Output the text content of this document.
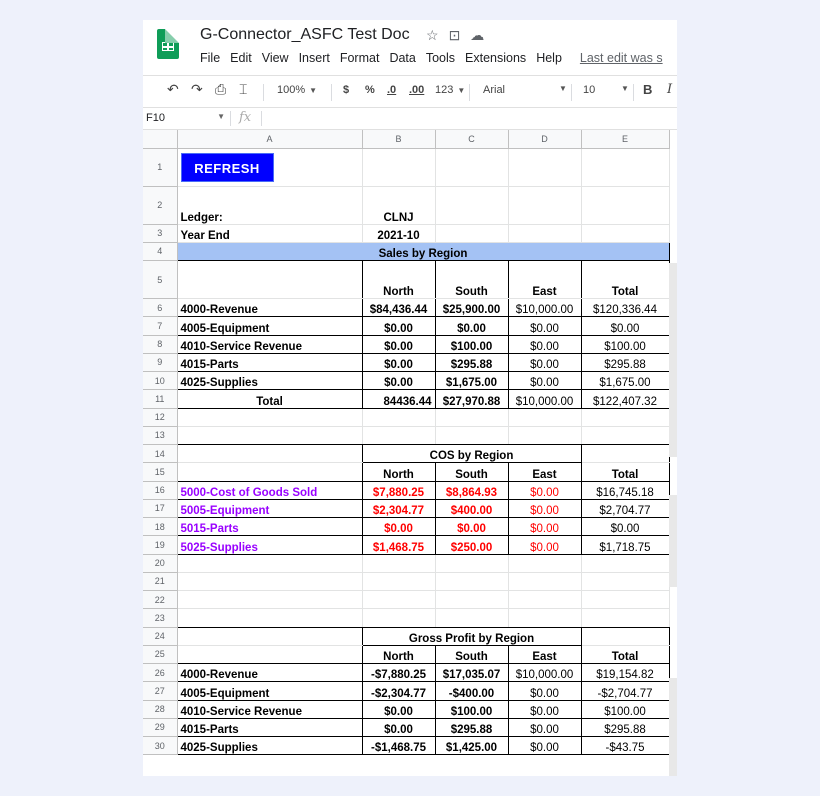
G-Connector_ASFC Test Doc ☆ ⊡ ☁
File Edit View Insert Format Data Tools Extensions Help Last edit was s
↶ ↷ ⎙ ⌶	100% ▼ $ % .0 .00 123 ▼ Arial	▼ 10	▼ B I
F10	▼ fx
	A	B	C	D	E
1	REFRESH				
2	Ledger:	CLNJ			
3	Year End	2021-10			
4	Sales by Region				
5		North	South	East	Total
6	4000-Revenue	$84,436.44	$25,900.00	$10,000.00	$120,336.44
7	4005-Equipment	$0.00	$0.00	$0.00	$0.00
8	4010-Service Revenue	$0.00	$100.00	$0.00	$100.00
9	4015-Parts	$0.00	$295.88	$0.00	$295.88
10	4025-Supplies	$0.00	$1,675.00	$0.00	$1,675.00
11	Total	84436.44	$27,970.88	$10,000.00	$122,407.32
12					
13					
14		COS by Region			
15		North	South	East	Total
16	5000-Cost of Goods Sold	$7,880.25	$8,864.93	$0.00	$16,745.18
17	5005-Equipment	$2,304.77	$400.00	$0.00	$2,704.77
18	5015-Parts	$0.00	$0.00	$0.00	$0.00
19	5025-Supplies	$1,468.75	$250.00	$0.00	$1,718.75
20					
21					
22					
23					
24		Gross Profit by Region			
25		North	South	East	Total
26	4000-Revenue	-$7,880.25	$17,035.07	$10,000.00	$19,154.82
27	4005-Equipment	-$2,304.77	-$400.00	$0.00	-$2,704.77
28	4010-Service Revenue	$0.00	$100.00	$0.00	$100.00
29	4015-Parts	$0.00	$295.88	$0.00	$295.88
30	4025-Supplies	-$1,468.75	$1,425.00	$0.00	-$43.75
